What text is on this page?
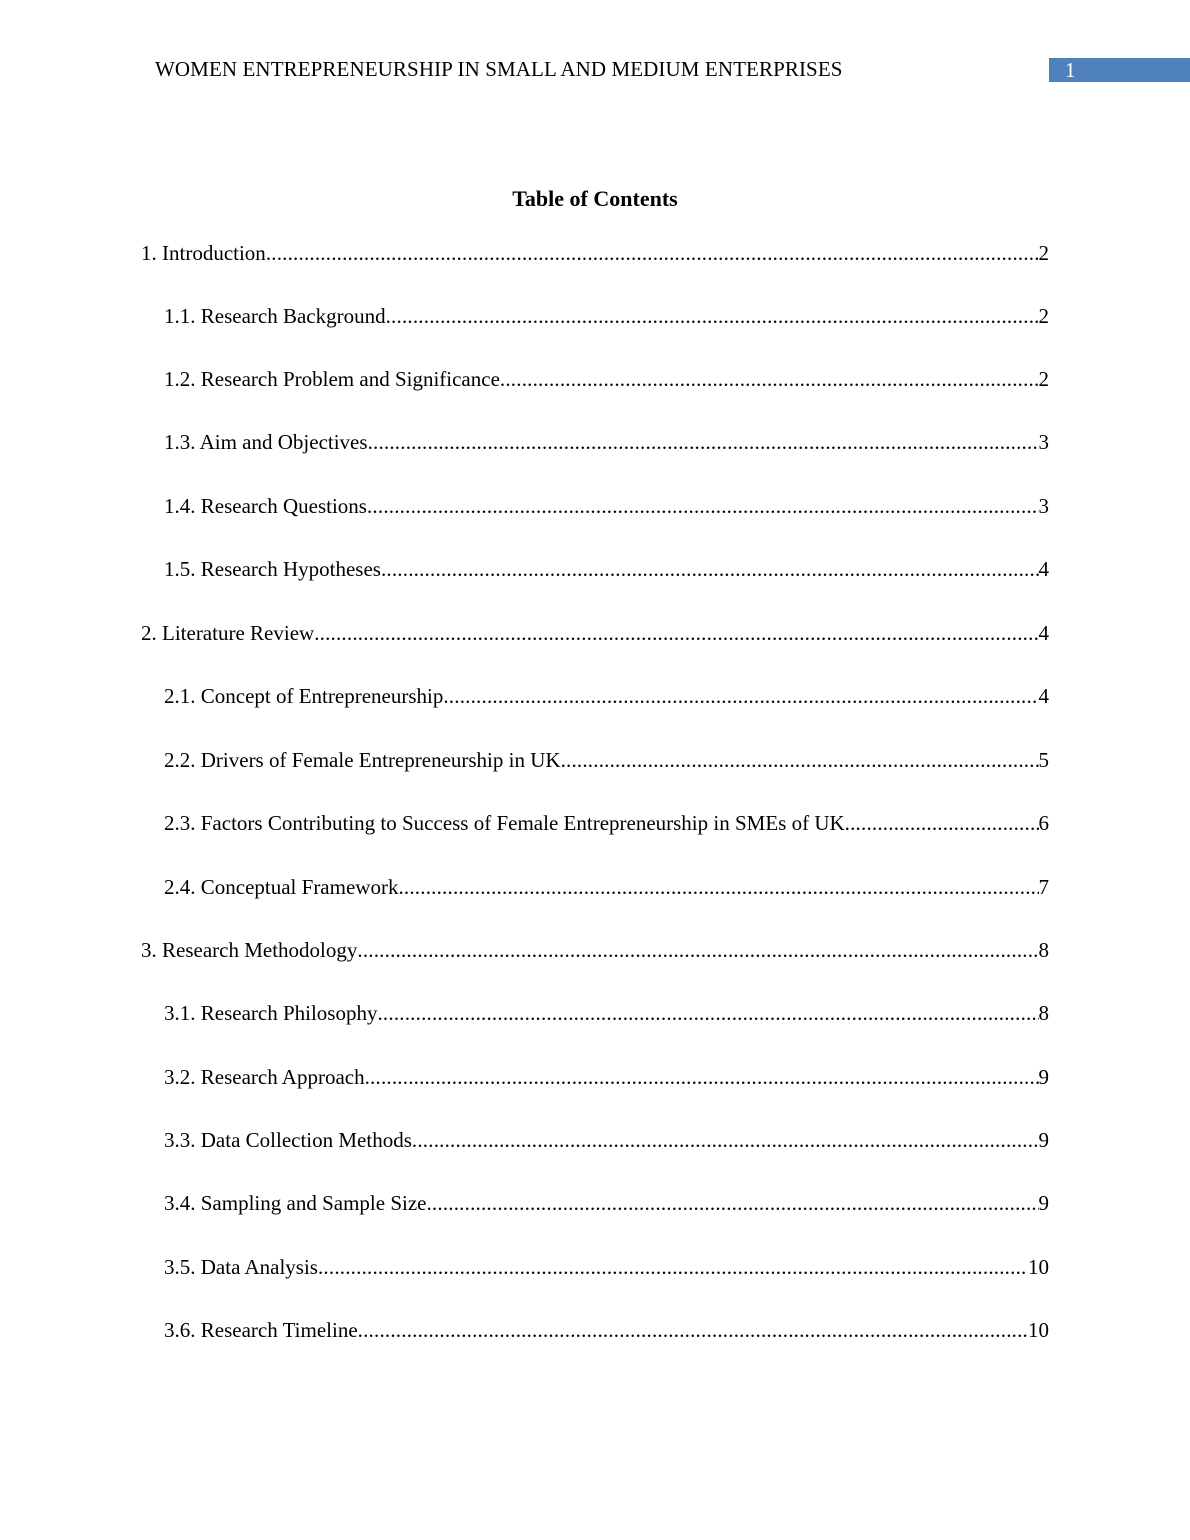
WOMEN ENTREPRENEURSHIP IN SMALL AND MEDIUM ENTERPRISES	1
Table of Contents
1. Introduction .....	2
1.1. Research Background .....	2
1.2. Research Problem and Significance .....	2
1.3. Aim and Objectives .....	3
1.4. Research Questions .....	3
1.5. Research Hypotheses .....	4
2. Literature Review .....	4
2.1. Concept of Entrepreneurship .....	4
2.2. Drivers of Female Entrepreneurship in UK .....	5
2.3. Factors Contributing to Success of Female Entrepreneurship in SMEs of UK .....	6
2.4. Conceptual Framework .....	7
3. Research Methodology .....	8
3.1. Research Philosophy .....	8
3.2. Research Approach .....	9
3.3. Data Collection Methods .....	9
3.4. Sampling and Sample Size .....	9
3.5. Data Analysis .....	10
3.6. Research Timeline .....	10
